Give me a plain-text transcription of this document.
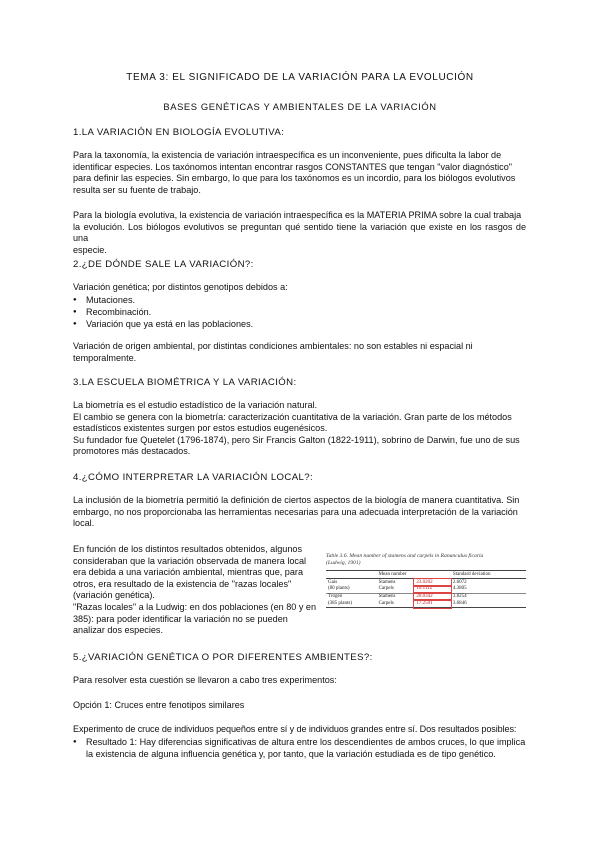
TEMA 3: EL SIGNIFICADO DE LA VARIACIÓN PARA LA EVOLUCIÓN
BASES GENÉTICAS Y AMBIENTALES DE LA VARIACIÓN
1.LA VARIACIÓN EN BIOLOGÍA EVOLUTIVA:
Para la taxonomía, la existencia de variación intraespecífica es un inconveniente, pues dificulta la labor de
identificar especies. Los taxónomos intentan encontrar rasgos CONSTANTES que tengan "valor diagnóstico"
para definir las especies. Sin embargo, lo que para los taxónomos es un incordio, para los biólogos evolutivos
resulta ser su fuente de trabajo.
Para la biología evolutiva, la existencia de variación intraespecífica es la MATERIA PRIMA sobre la cual trabaja
la evolución. Los biólogos evolutivos se preguntan qué sentido tiene la variación que existe en los rasgos de una
especie.
2.¿DE DÓNDE SALE LA VARIACIÓN?:
Variación genética; por distintos genotipos debidos a:
● Mutaciones.
● Recombinación.
● Variación que ya está en las poblaciones.
Variación de origen ambiental, por distintas condiciones ambientales: no son estables ni espacial ni
temporalmente.
3.LA ESCUELA BIOMÉTRICA Y LA VARIACIÓN:
La biometría es el estudio estadístico de la variación natural.
El cambio se genera con la biometría: caracterización cuantitativa de la variación. Gran parte de los métodos
estadísticos existentes surgen por estos estudios eugenésicos.
Su fundador fue Quetelet (1796-1874), pero Sir Francis Galton (1822-1911), sobrino de Darwin, fue uno de sus
promotores más destacados.
4.¿CÓMO INTERPRETAR LA VARIACIÓN LOCAL?:
La inclusión de la biometría permitió la definición de ciertos aspectos de la biología de manera cuantitativa. Sin
embargo, no nos proporcionaba las herramientas necesarias para una adecuada interpretación de la variación
local.
En función de los distintos resultados obtenidos, algunos
consideraban que la variación observada de manera local
era debida a una variación ambiental, mientras que, para
otros, era resultado de la existencia de "razas locales"
(variación genética).
"Razas locales" a la Ludwig: en dos poblaciones (en 80 y en
385): para poder identificar la variación no se pueden
analizar dos especies.
Table 3.6. Mean number of stamens and carpels in Ranunculus ficaria
(Ludwig, 1901)
	Mean number		Standard deviation
Gais	Stamens	23.0202	2.6072
(80 plants)	Carpels	10.1112	4.3805
Trogen	Stamens	20.0342	3.8254
(385 plants)	Carpels	17.2501	3.6846
5.¿VARIACIÓN GENÉTICA O POR DIFERENTES AMBIENTES?:
Para resolver esta cuestión se llevaron a cabo tres experimentos:
Opción 1: Cruces entre fenotipos similares
Experimento de cruce de individuos pequeños entre sí y de individuos grandes entre sí. Dos resultados posibles:
● Resultado 1: Hay diferencias significativas de altura entre los descendientes de ambos cruces, lo que implica
la existencia de alguna influencia genética y, por tanto, que la variación estudiada es de tipo genético.
